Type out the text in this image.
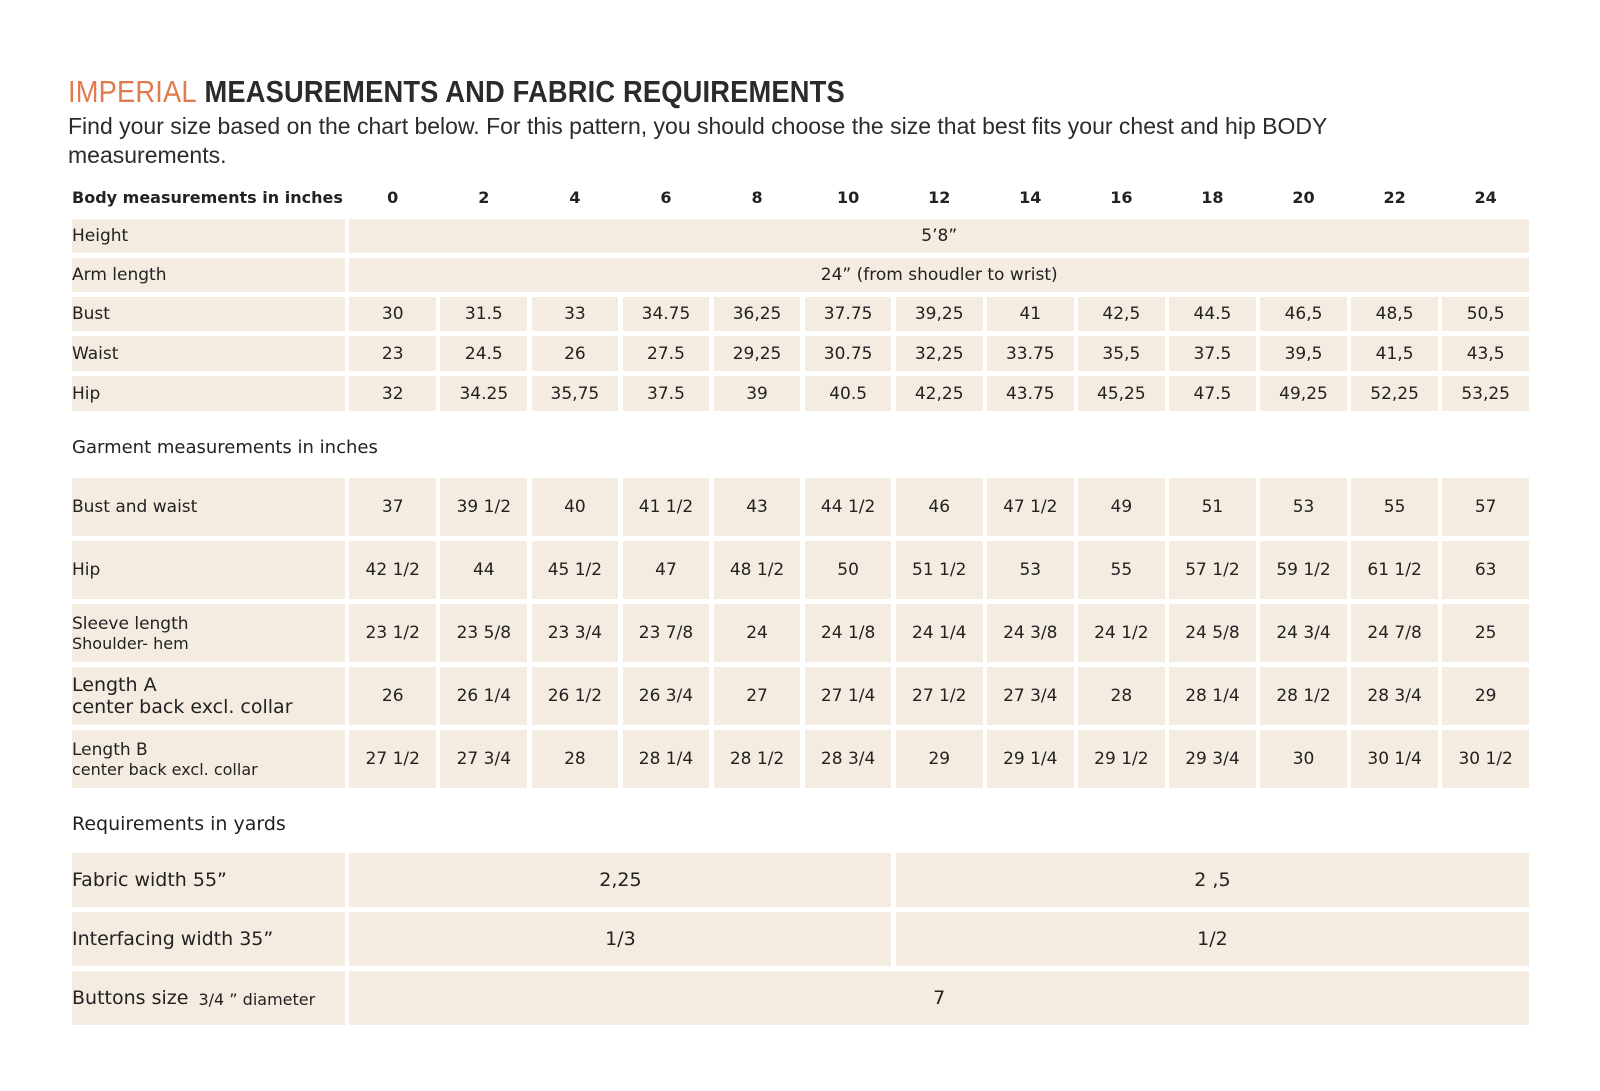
IMPERIAL MEASUREMENTS AND FABRIC REQUIREMENTS
Find your size based on the chart below. For this pattern, you should choose the size that best fits your chest and hip BODY measurements.
Body measurements in inches	0	2	4	6	8	10	12	14	16	18	20	22	24
Height	5’8”
Arm length	24” (from shoudler to wrist)
Bust	30	31.5	33	34.75	36,25	37.75	39,25	41	42,5	44.5	46,5	48,5	50,5
Waist	23	24.5	26	27.5	29,25	30.75	32,25	33.75	35,5	37.5	39,5	41,5	43,5
Hip	32	34.25	35,75	37.5	39	40.5	42,25	43.75	45,25	47.5	49,25	52,25	53,25
Garment measurements in inches
Bust and waist	37	39 1/2	40	41 1/2	43	44 1/2	46	47 1/2	49	51	53	55	57
Hip	42 1/2	44	45 1/2	47	48 1/2	50	51 1/2	53	55	57 1/2	59 1/2	61 1/2	63
Sleeve length
Shoulder- hem	23 1/2	23 5/8	23 3/4	23 7/8	24	24 1/8	24 1/4	24 3/8	24 1/2	24 5/8	24 3/4	24 7/8	25
Length A
center back excl. collar	26	26 1/4	26 1/2	26 3/4	27	27 1/4	27 1/2	27 3/4	28	28 1/4	28 1/2	28 3/4	29
Length B
center back excl. collar	27 1/2	27 3/4	28	28 1/4	28 1/2	28 3/4	29	29 1/4	29 1/2	29 3/4	30	30 1/4	30 1/2
Requirements in yards
Fabric width 55”	2,25	2 ,5
Interfacing width 35”	1/3	1/2
Buttons size 3/4 ” diameter	7
